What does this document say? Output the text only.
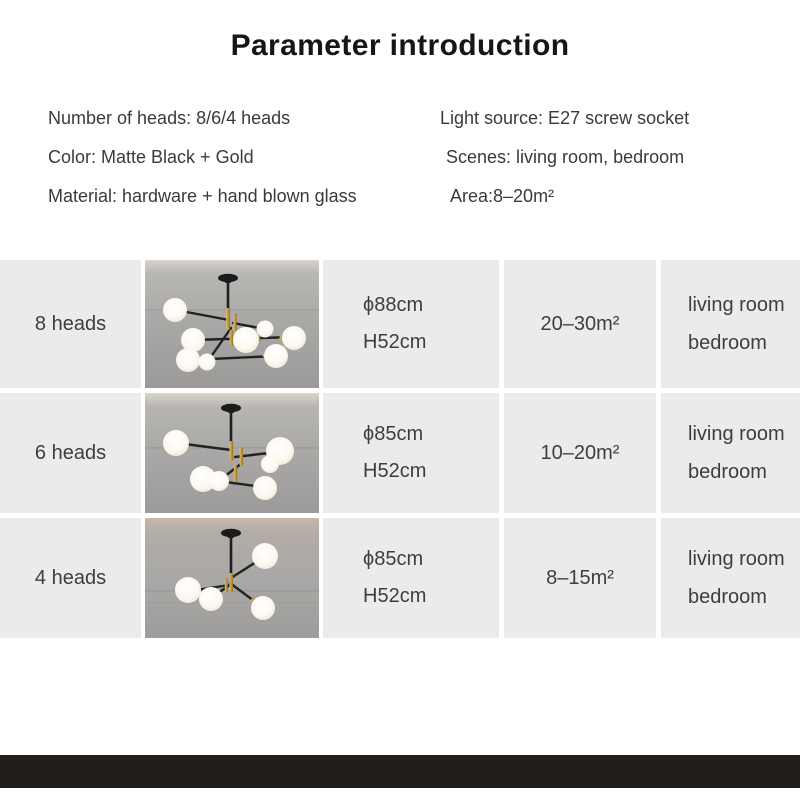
Parameter introduction
Number of heads: 8/6/4 heads
Color: Matte Black + Gold
Material: hardware + hand blown glass
Light source: E27 screw socket
Scenes: living room, bedroom
Area:8–20m²
8 heads
ϕ88cm
H52cm
20–30m²
living room
bedroom
6 heads
ϕ85cm
H52cm
10–20m²
living room
bedroom
4 heads
ϕ85cm
H52cm
8–15m²
living room
bedroom
